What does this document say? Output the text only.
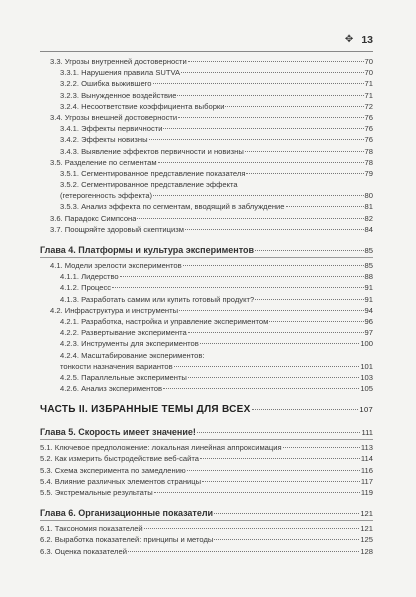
✥ 13
3.3. Угрозы внутренней достоверности	70
3.3.1. Нарушения правила SUTVA	70
3.2.2. Ошибка выжившего	71
3.2.3. Вынужденное воздействие	71
3.2.4. Несоответствие коэффициента выборки	72
3.4. Угрозы внешней достоверности	76
3.4.1. Эффекты первичности	76
3.4.2. Эффекты новизны	76
3.4.3. Выявление эффектов первичности и новизны	78
3.5. Разделение по сегментам	78
3.5.1. Сегментированное представление показателя	79
3.5.2. Сегментированное представление эффекта
(гетерогенность эффекта)	80
3.5.3. Анализ эффекта по сегментам, вводящий в заблуждение	81
3.6. Парадокс Симпсона	82
3.7. Поощряйте здоровый скептицизм	84
Глава 4. Платформы и культура экспериментов	85
4.1. Модели зрелости экспериментов	85
4.1.1. Лидерство	88
4.1.2. Процесс	91
4.1.3. Разработать самим или купить готовый продукт?	91
4.2. Инфраструктура и инструменты	94
4.2.1. Разработка, настройка и управление экспериментом	96
4.2.2. Развертывание эксперимента	97
4.2.3. Инструменты для экспериментов	100
4.2.4. Масштабирование экспериментов:
тонкости назначения вариантов	101
4.2.5. Параллельные эксперименты	103
4.2.6. Анализ экспериментов	105
ЧАСТЬ II. ИЗБРАННЫЕ ТЕМЫ ДЛЯ ВСЕХ	107
Глава 5. Скорость имеет значение!	111
5.1. Ключевое предположение: локальная линейная аппроксимация	113
5.2. Как измерить быстродействие веб-сайта	114
5.3. Схема эксперимента по замедлению	116
5.4. Влияние различных элементов страницы	117
5.5. Экстремальные результаты	119
Глава 6. Организационные показатели	121
6.1. Таксономия показателей	121
6.2. Выработка показателей: принципы и методы	125
6.3. Оценка показателей	128
